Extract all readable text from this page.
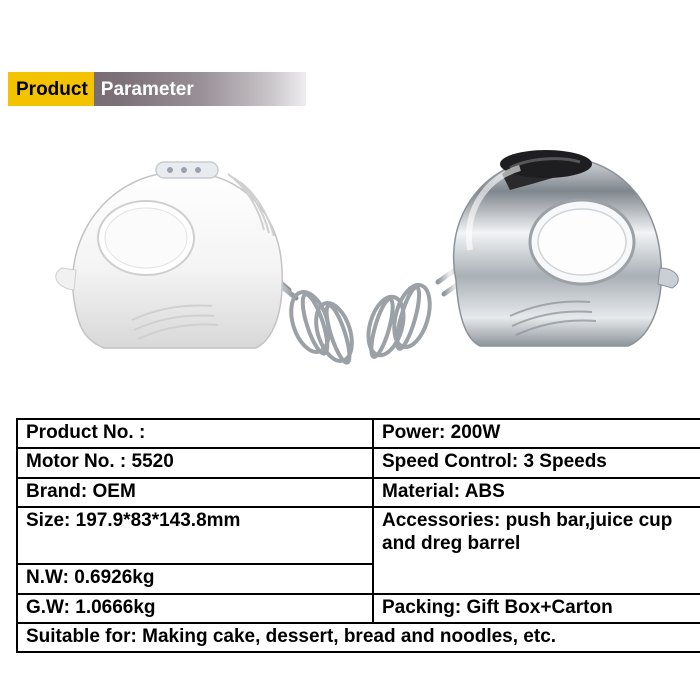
Product Parameter
Product No. :	Power: 200W
Motor No. : 5520	Speed Control: 3 Speeds
Brand: OEM	Material: ABS
Size: 197.9*83*143.8mm	Accessories: push bar,juice cup and dreg barrel
N.W: 0.6926kg	
G.W: 1.0666kg	Packing: Gift Box+Carton
Suitable for: Making cake, dessert, bread and noodles, etc.	
